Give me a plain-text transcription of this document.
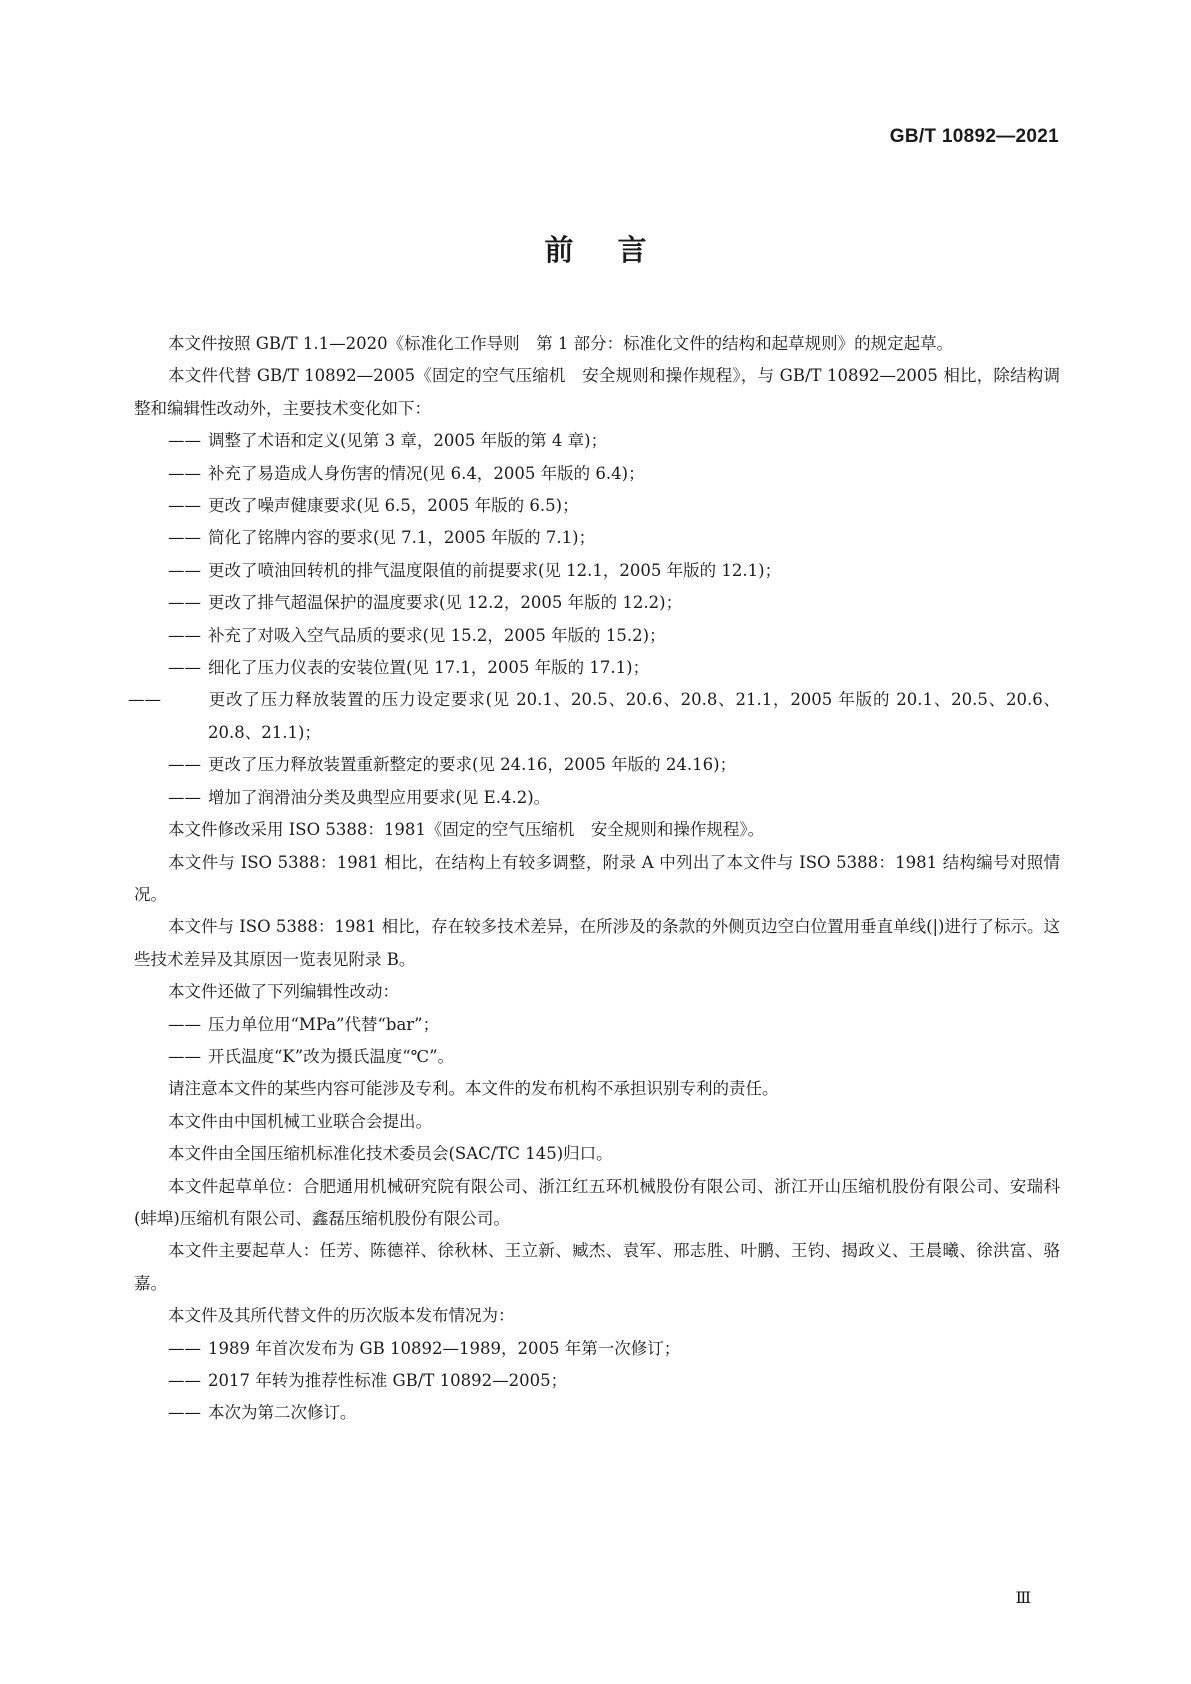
GB/T 10892—2021
前言

本文件按照 GB/T 1.1—2020《标准化工作导则　第 1 部分：标准化文件的结构和起草规则》的规定起草。

本文件代替 GB/T 10892—2005《固定的空气压缩机　安全规则和操作规程》，与 GB/T 10892—2005 相比，除结构调整和编辑性改动外，主要技术变化如下：

—— 调整了术语和定义(见第 3 章，2005 年版的第 4 章)；

—— 补充了易造成人身伤害的情况(见 6.4，2005 年版的 6.4)；

—— 更改了噪声健康要求(见 6.5，2005 年版的 6.5)；

—— 简化了铭牌内容的要求(见 7.1，2005 年版的 7.1)；

—— 更改了喷油回转机的排气温度限值的前提要求(见 12.1，2005 年版的 12.1)；

—— 更改了排气超温保护的温度要求(见 12.2，2005 年版的 12.2)；

—— 补充了对吸入空气品质的要求(见 15.2，2005 年版的 15.2)；

—— 细化了压力仪表的安装位置(见 17.1，2005 年版的 17.1)；

——	更改了压力释放装置的压力设定要求(见 20.1、20.5、20.6、20.8、21.1，2005 年版的 20.1、20.5、20.6、20.8、21.1)；

—— 更改了压力释放装置重新整定的要求(见 24.16，2005 年版的 24.16)；

—— 增加了润滑油分类及典型应用要求(见 E.4.2)。

本文件修改采用 ISO 5388：1981《固定的空气压缩机　安全规则和操作规程》。

本文件与 ISO 5388：1981 相比，在结构上有较多调整，附录 A 中列出了本文件与 ISO 5388：1981 结构编号对照情况。

本文件与 ISO 5388：1981 相比，存在较多技术差异，在所涉及的条款的外侧页边空白位置用垂直单线(|)进行了标示。这些技术差异及其原因一览表见附录 B。

本文件还做了下列编辑性改动：

—— 压力单位用“MPa”代替“bar”；

—— 开氏温度“K”改为摄氏温度“℃”。

请注意本文件的某些内容可能涉及专利。本文件的发布机构不承担识别专利的责任。

本文件由中国机械工业联合会提出。

本文件由全国压缩机标准化技术委员会(SAC/TC 145)归口。

本文件起草单位：合肥通用机械研究院有限公司、浙江红五环机械股份有限公司、浙江开山压缩机股份有限公司、安瑞科(蚌埠)压缩机有限公司、鑫磊压缩机股份有限公司。

本文件主要起草人：任芳、陈德祥、徐秋林、王立新、臧杰、袁军、邢志胜、叶鹏、王钧、揭政义、王晨曦、徐洪富、骆嘉。

本文件及其所代替文件的历次版本发布情况为：

—— 1989 年首次发布为 GB 10892—1989，2005 年第一次修订；

—— 2017 年转为推荐性标准 GB/T 10892—2005；

—— 本次为第二次修订。

Ⅲ
